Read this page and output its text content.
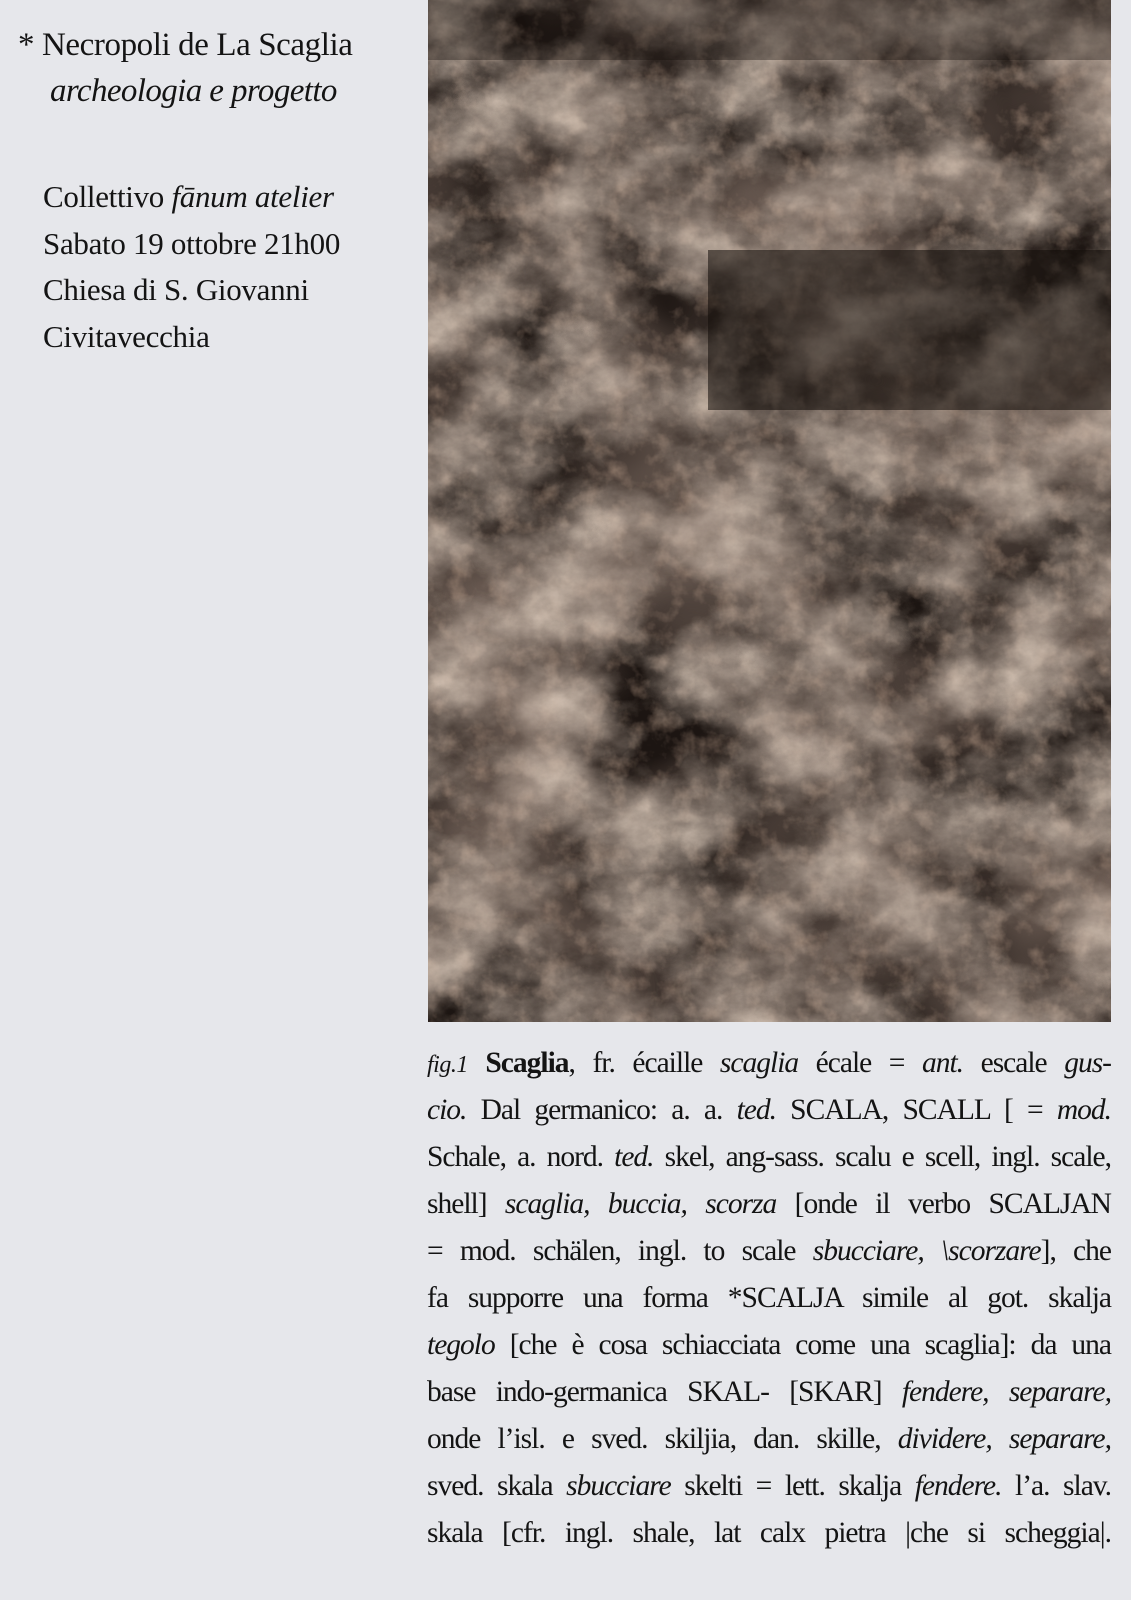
* Necropoli de La Scaglia
archeologia e progetto
Collettivo fānum atelier
Sabato 19 ottobre 21h00
Chiesa di S. Giovanni
Civitavecchia
fig.1 Scaglia, fr. écaille scaglia écale = ant. escale gus-
cio. Dal germanico: a. a. ted. SCALA, SCALL [ = mod.
Schale, a. nord. ted. skel, ang-sass. scalu e scell, ingl. scale,
shell] scaglia, buccia, scorza [onde il verbo SCALJAN
= mod. schälen, ingl. to scale sbucciare, \scorzare], che
fa supporre una forma *SCALJA simile al got. skalja
tegolo [che è cosa schiacciata come una scaglia]: da una
base indo-germanica SKAL- [SKAR] fendere, separare,
onde l’isl. e sved. skiljia, dan. skille, dividere, separare,
sved. skala sbucciare skelti = lett. skalja fendere. l’a. slav.
skala [cfr. ingl. shale, lat calx pietra |che si scheggia|.
